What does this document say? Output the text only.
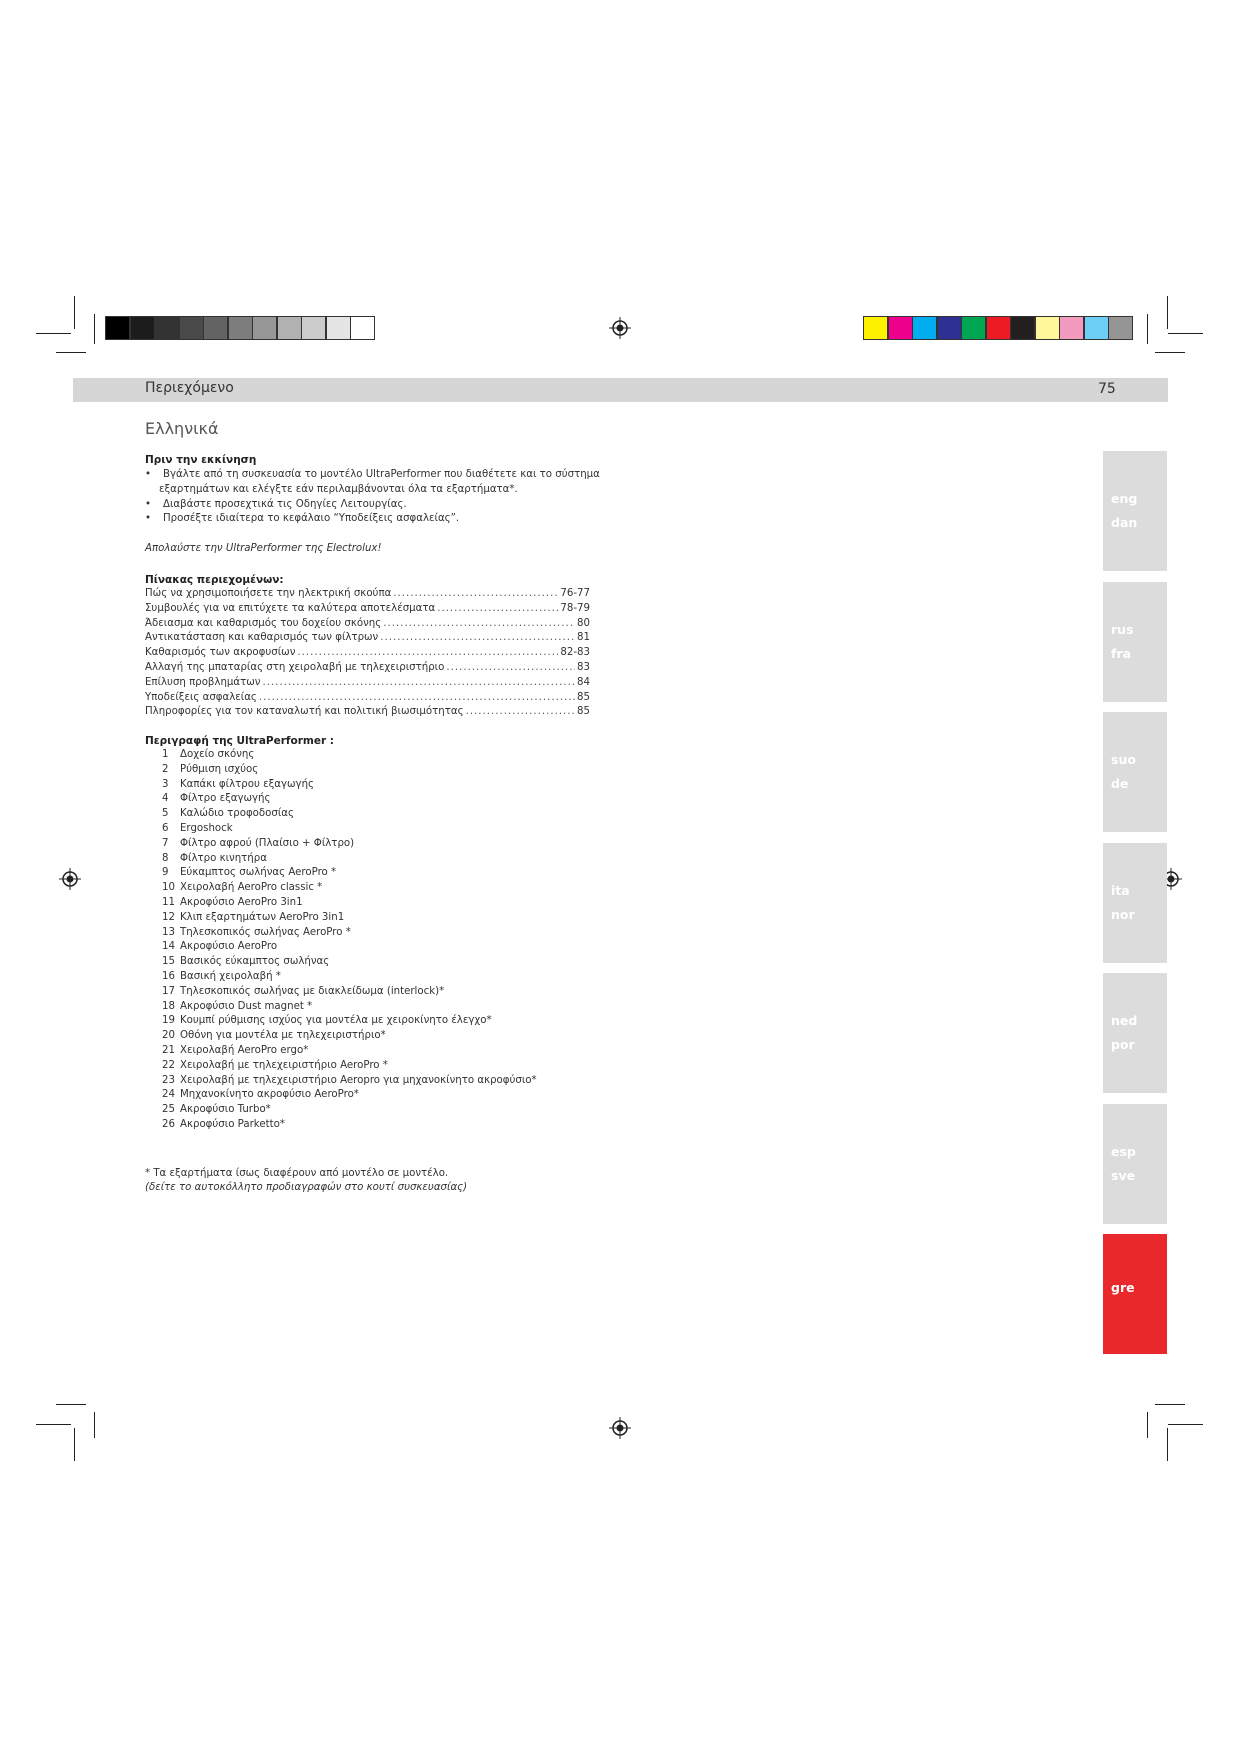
Περιεχόμενο	75
Ελληνικά
Πριν την εκκίνηση
• Βγάλτε από τη συσκευασία το μοντέλο UltraPerformer που διαθέτετε και το σύστημα
εξαρτημάτων και ελέγξτε εάν περιλαμβάνονται όλα τα εξαρτήματα*.
• Διαβάστε προσεχτικά τις Οδηγίες Λειτουργίας.
• Προσέξτε ιδιαίτερα το κεφάλαιο “Υποδείξεις ασφαλείας”.
Απολαύστε την UltraPerformer της Electrolux!
Πίνακας περιεχομένων:
Πώς να χρησιμοποιήσετε την ηλεκτρική σκούπα .....	76-77
Συμβουλές για να επιτύχετε τα καλύτερα αποτελέσματα .....	78-79
Άδειασμα και καθαρισμός του δοχείου σκόνης .....	80
Αντικατάσταση και καθαρισμός των φίλτρων .....	81
Καθαρισμός των ακροφυσίων .....	82-83
Αλλαγή της μπαταρίας στη χειρολαβή με τηλεχειριστήριο .....	83
Επίλυση προβλημάτων .....	84
Υποδείξεις ασφαλείας .....	85
Πληροφορίες για τον καταναλωτή και πολιτική βιωσιμότητας .....	85
Περιγραφή της UltraPerformer :
1 Δοχείο σκόνης
2 Ρύθμιση ισχύος
3 Καπάκι φίλτρου εξαγωγής
4 Φίλτρο εξαγωγής
5 Καλώδιο τροφοδοσίας
6 Ergoshock
7 Φίλτρο αφρού (Πλαίσιο + Φίλτρο)
8 Φίλτρο κινητήρα
9 Εύκαμπτος σωλήνας AeroPro *
10 Χειρολαβή AeroPro classic *
11 Ακροφύσιο AeroPro 3in1
12 Κλιπ εξαρτημάτων AeroPro 3in1
13 Τηλεσκοπικός σωλήνας AeroPro *
14 Ακροφύσιο AeroPro
15 Βασικός εύκαμπτος σωλήνας
16 Βασική χειρολαβή *
17 Τηλεσκοπικός σωλήνας με διακλείδωμα (interlock)*
18 Ακροφύσιο Dust magnet *
19 Κουμπί ρύθμισης ισχύος για μοντέλα με χειροκίνητο έλεγχο*
20 Οθόνη για μοντέλα με τηλεχειριστήριο*
21 Χειρολαβή AeroPro ergo*
22 Χειρολαβή με τηλεχειριστήριο AeroPro *
23 Χειρολαβή με τηλεχειριστήριο Aeropro για μηχανοκίνητο ακροφύσιο*
24 Μηχανοκίνητο ακροφύσιο AeroPro*
25 Ακροφύσιο Turbo*
26 Ακροφύσιο Parketto*
* Τα εξαρτήματα ίσως διαφέρουν από μοντέλο σε μοντέλο.
(δείτε το αυτοκόλλητο προδιαγραφών στο κουτί συσκευασίας)
eng
dan
rus
fra
suo
de
ita
nor
ned
por
esp
sve
gre
